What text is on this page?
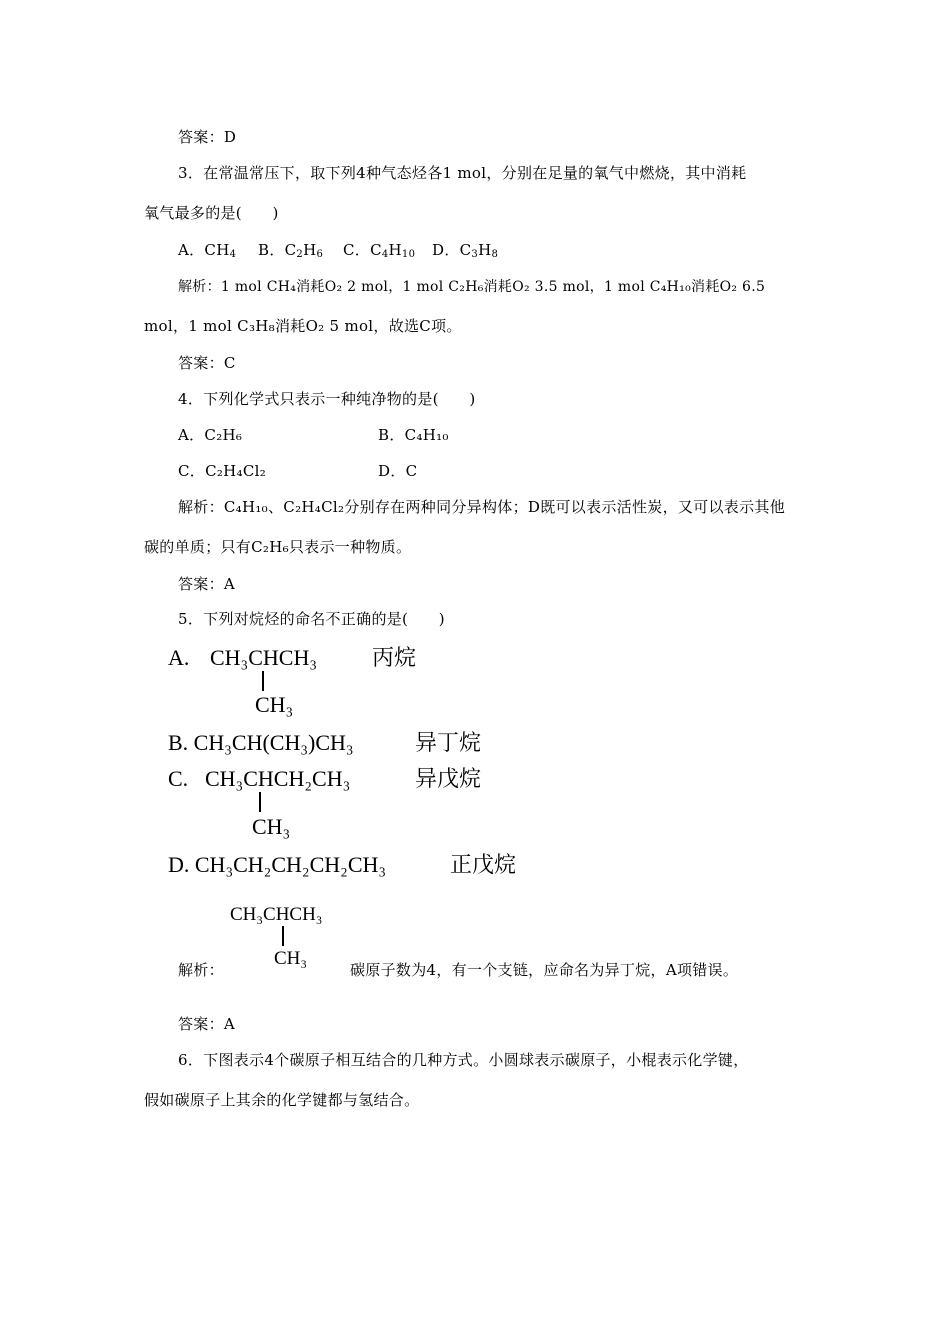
答案：D
3．在常温常压下，取下列4种气态烃各1 mol，分别在足量的氧气中燃烧，其中消耗
氧气最多的是(　　)
A．$CH_4$ B．$C_2H_6$ C．$C_4H_{10}$ D．$C_3H_8$
解析：1 mol CH₄消耗O₂ 2 mol，1 mol C₂H₆消耗O₂ 3.5 mol，1 mol C₄H₁₀消耗O₂ 6.5
mol，1 mol C₃H₈消耗O₂ 5 mol，故选C项。
答案：C
4．下列化学式只表示一种纯净物的是(　　)
A．C₂H₆	B．C₄H₁₀
C．C₂H₄Cl₂	D．C
解析：C₄H₁₀、C₂H₄Cl₂分别存在两种同分异构体；D既可以表示活性炭，又可以表示其他
碳的单质；只有C₂H₆只表示一种物质。
答案：A
5．下列对烷烃的命名不正确的是(　　)
A. CH₃CHCH₃
CH₃
丙烷
B. CH₃CH(CH₃)CH₃	异丁烷
C. CH₃CHCH₂CH₃
CH₃
异戊烷
D. CH₃CH₂CH₂CH₂CH₃	正戊烷
CH₃CHCH₃
CH₃
解析：	碳原子数为4，有一个支链，应命名为异丁烷，A项错误。
答案：A
6．下图表示4个碳原子相互结合的几种方式。小圆球表示碳原子，小棍表示化学键，
假如碳原子上其余的化学键都与氢结合。
